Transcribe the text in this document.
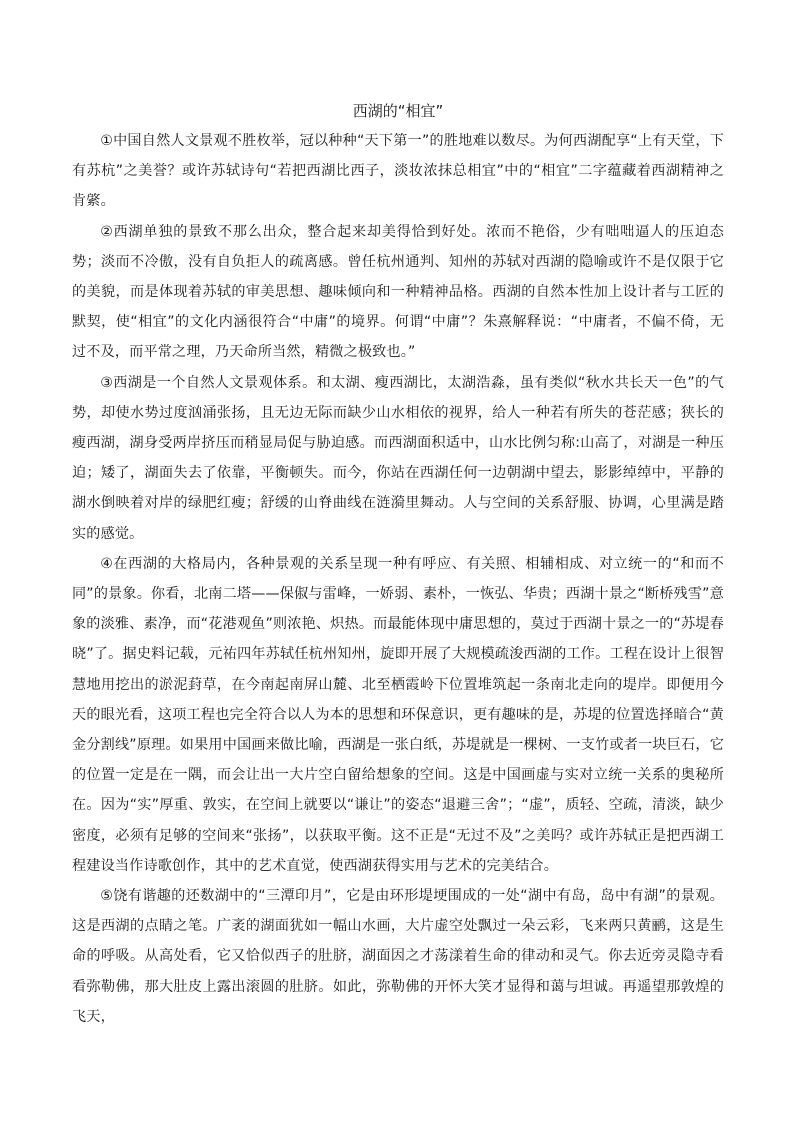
西湖的“相宜”

①中国自然人文景观不胜枚举，冠以种种“天下第一”的胜地难以数尽。为何西湖配享“上有天堂，下有苏杭”之美誉？或许苏轼诗句“若把西湖比西子，淡妆浓抹总相宜”中的“相宜”二字蕴藏着西湖精神之肯綮。

②西湖单独的景致不那么出众，整合起来却美得恰到好处。浓而不艳俗，少有咄咄逼人的压迫态势；淡而不冷傲，没有自负拒人的疏离感。曾任杭州通判、知州的苏轼对西湖的隐喻或许不是仅限于它的美貌，而是体现着苏轼的审美思想、趣味倾向和一种精神品格。西湖的自然本性加上设计者与工匠的默契，使“相宜”的文化内涵很符合“中庸”的境界。何谓“中庸”？朱熹解释说：“中庸者，不偏不倚，无过不及，而平常之理，乃天命所当然，精微之极致也。”

③西湖是一个自然人文景观体系。和太湖、瘦西湖比，太湖浩淼，虽有类似“秋水共长天一色”的气势，却使水势过度汹涌张扬，且无边无际而缺少山水相依的视界，给人一种若有所失的苍茫感；狭长的瘦西湖，湖身受两岸挤压而稍显局促与胁迫感。而西湖面积适中，山水比例匀称:山高了，对湖是一种压迫；矮了，湖面失去了依靠，平衡顿失。而今，你站在西湖任何一边朝湖中望去，影影绰绰中，平静的湖水倒映着对岸的绿肥红瘦；舒缓的山脊曲线在涟漪里舞动。人与空间的关系舒服、协调，心里满是踏实的感觉。

④在西湖的大格局内，各种景观的关系呈现一种有呼应、有关照、相辅相成、对立统一的“和而不同”的景象。你看，北南二塔——保俶与雷峰，一娇弱、素朴，一恢弘、华贵；西湖十景之“断桥残雪”意象的淡雅、素净，而“花港观鱼”则浓艳、炽热。而最能体现中庸思想的，莫过于西湖十景之一的“苏堤春晓”了。据史料记载，元祐四年苏轼任杭州知州，旋即开展了大规模疏浚西湖的工作。工程在设计上很智慧地用挖出的淤泥葑草，在今南起南屏山麓、北至栖霞岭下位置堆筑起一条南北走向的堤岸。即便用今天的眼光看，这项工程也完全符合以人为本的思想和环保意识，更有趣味的是，苏堤的位置选择暗合“黄金分割线”原理。如果用中国画来做比喻，西湖是一张白纸，苏堤就是一棵树、一支竹或者一块巨石，它的位置一定是在一隅，而会让出一大片空白留给想象的空间。这是中国画虚与实对立统一关系的奥秘所在。因为“实”厚重、敦实，在空间上就要以“谦让”的姿态“退避三舍”；“虚”，质轻、空疏，清淡，缺少密度，必须有足够的空间来“张扬”，以获取平衡。这不正是“无过不及”之美吗？或许苏轼正是把西湖工程建设当作诗歌创作，其中的艺术直觉，使西湖获得实用与艺术的完美结合。

⑤饶有谐趣的还数湖中的“三潭印月”，它是由环形堤埂围成的一处“湖中有岛，岛中有湖”的景观。这是西湖的点睛之笔。广袤的湖面犹如一幅山水画，大片虚空处飘过一朵云彩，飞来两只黄鹂，这是生命的呼吸。从高处看，它又恰似西子的肚脐，湖面因之才荡漾着生命的律动和灵气。你去近旁灵隐寺看看弥勒佛，那大肚皮上露出滚圆的肚脐。如此，弥勒佛的开怀大笑才显得和蔼与坦诚。再遥望那敦煌的飞天，
